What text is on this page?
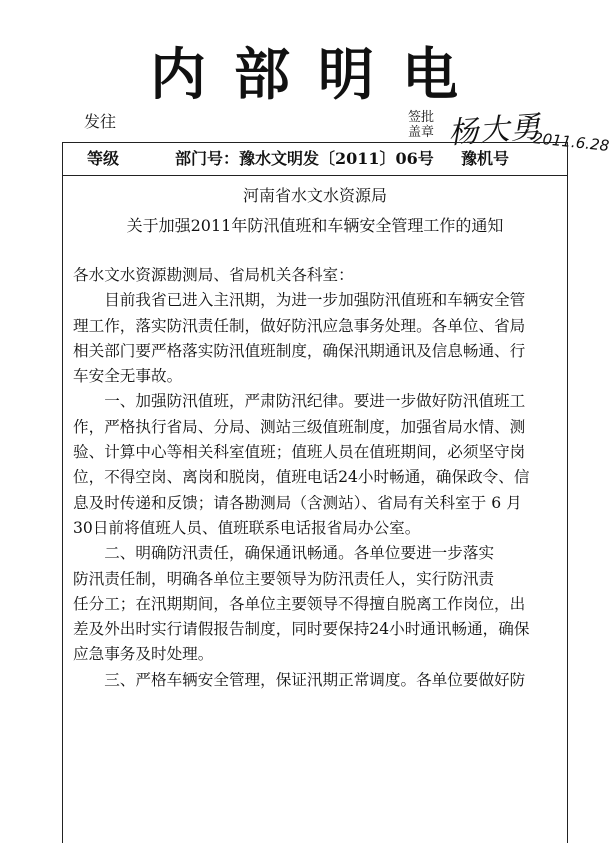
内部明电
发往	签批
盖章 杨大勇
2011.6.28
等级	部门号：豫水文明发〔2011〕06号 豫机号
河南省水文水资源局
关于加强2011年防汛值班和车辆安全管理工作的通知
各水文水资源勘测局、省局机关各科室：
　　目前我省已进入主汛期，为进一步加强防汛值班和车辆安全管
理工作，落实防汛责任制，做好防汛应急事务处理。各单位、省局
相关部门要严格落实防汛值班制度，确保汛期通讯及信息畅通、行
车安全无事故。
　　一、加强防汛值班，严肃防汛纪律。要进一步做好防汛值班工
作，严格执行省局、分局、测站三级值班制度，加强省局水情、测
验、计算中心等相关科室值班；值班人员在值班期间，必须坚守岗
位，不得空岗、离岗和脱岗，值班电话24小时畅通，确保政令、信
息及时传递和反馈；请各勘测局（含测站）、省局有关科室于 6 月
30日前将值班人员、值班联系电话报省局办公室。
　　二、明确防汛责任，确保通讯畅通。各单位要进一步落实
防汛责任制，明确各单位主要领导为防汛责任人，实行防汛责
任分工；在汛期期间，各单位主要领导不得擅自脱离工作岗位，出
差及外出时实行请假报告制度，同时要保持24小时通讯畅通，确保
应急事务及时处理。
　　三、严格车辆安全管理，保证汛期正常调度。各单位要做好防
